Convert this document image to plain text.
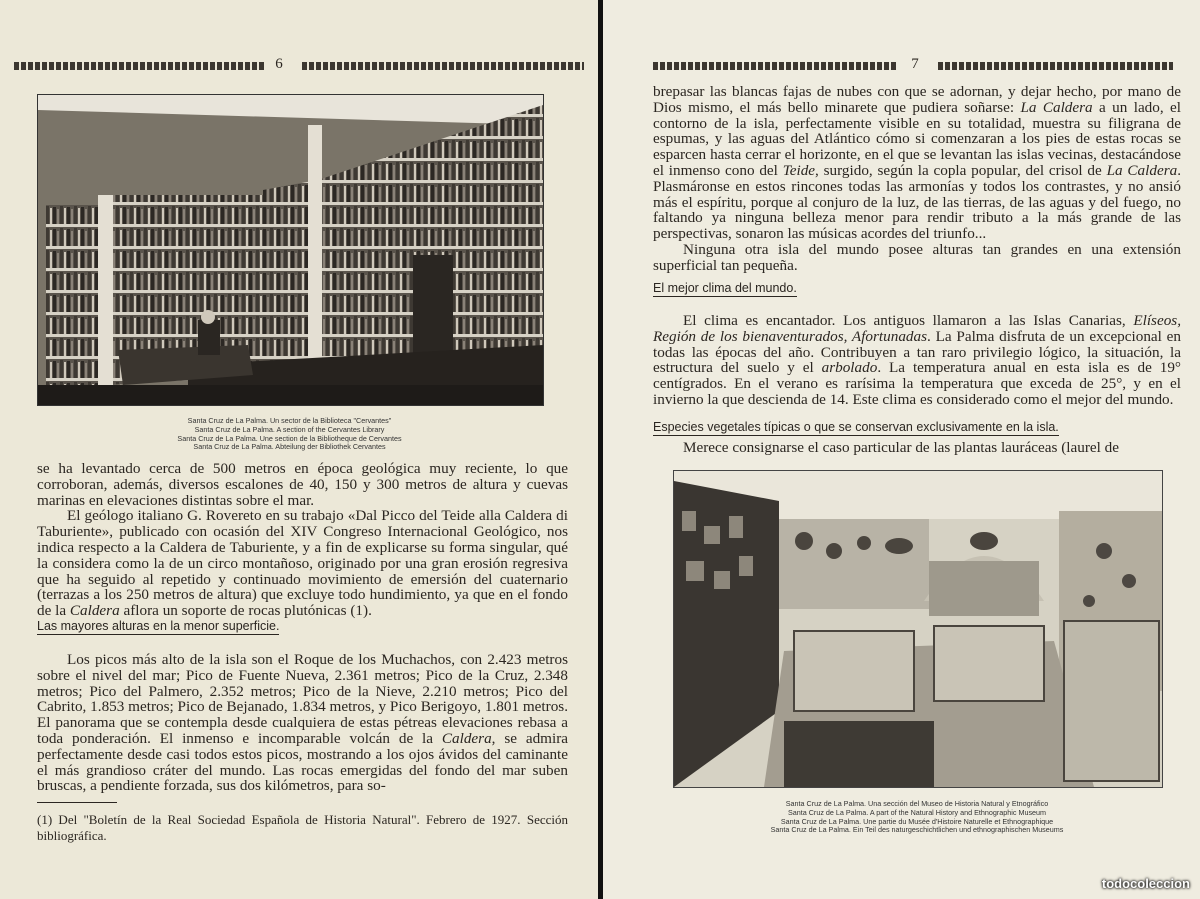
6
Santa Cruz de La Palma. Un sector de la Biblioteca "Cervantes"
Santa Cruz de La Palma. A section of the Cervantes Library
Santa Cruz de La Palma. Une section de la Bibliotheque de Cervantes
Santa Cruz de La Palma. Abteilung der Bibliothek Cervantes

se ha levantado cerca de 500 metros en época geológica muy reciente, lo que corroboran, además, diversos escalones de 40, 150 y 300 metros de altura y cuevas marinas en elevaciones distintas sobre el mar.

El geólogo italiano G. Rovereto en su trabajo «Dal Picco del Teide alla Caldera di Taburiente», publicado con ocasión del XIV Congreso Internacional Geológico, nos indica respecto a la Caldera de Taburiente, y a fin de explicarse su forma singular, qué la considera como la de un circo montañoso, originado por una gran erosión regresiva que ha seguido al repetido y continuado movimiento de emersión del cuaternario (terrazas a los 250 metros de altura) que excluye todo hundimiento, ya que en el fondo de la Caldera aflora un soporte de rocas plutónicas (1).

Las mayores alturas en la menor superficie.

Los picos más alto de la isla son el Roque de los Muchachos, con 2.423 metros sobre el nivel del mar; Pico de Fuente Nueva, 2.361 metros; Pico de la Cruz, 2.348 metros; Pico del Palmero, 2.352 metros; Pico de la Nieve, 2.210 metros; Pico del Cabrito, 1.853 metros; Pico de Bejanado, 1.834 metros, y Pico Berigoyo, 1.801 metros. El panorama que se contempla desde cualquiera de estas pétreas elevaciones rebasa a toda ponderación. El inmenso e incomparable volcán de la Caldera, se admira perfectamente desde casi todos estos picos, mostrando a los ojos ávidos del caminante el más grandioso cráter del mundo. Las rocas emergidas del fondo del mar suben bruscas, a pendiente forzada, sus dos kilómetros, para so-

(1) Del "Boletín de la Real Sociedad Española de Historia Natural". Febrero de 1927. Sección bibliográfica.
7

brepasar las blancas fajas de nubes con que se adornan, y dejar hecho, por mano de Dios mismo, el más bello minarete que pudiera soñarse: La Caldera a un lado, el contorno de la isla, perfectamente visible en su totalidad, muestra su filigrana de espumas, y las aguas del Atlántico cómo si comenzaran a los pies de estas rocas se esparcen hasta cerrar el horizonte, en el que se levantan las islas vecinas, destacándose el inmenso cono del Teide, surgido, según la copla popular, del crisol de La Caldera. Plasmáronse en estos rincones todas las armonías y todos los contrastes, y no ansió más el espíritu, porque al conjuro de la luz, de las tierras, de las aguas y del fuego, no faltando ya ninguna belleza menor para rendir tributo a la más grande de las perspectivas, sonaron las músicas acordes del triunfo...

Ninguna otra isla del mundo posee alturas tan grandes en una extensión superficial tan pequeña.

El mejor clima del mundo.

El clima es encantador. Los antiguos llamaron a las Islas Canarias, Elíseos, Región de los bienaventurados, Afortunadas. La Palma disfruta de un excepcional en todas las épocas del año. Contribuyen a tan raro privilegio lógico, la situación, la estructura del suelo y el arbolado. La temperatura anual en esta isla es de 19° centígrados. En el verano es rarísima la temperatura que exceda de 25°, y en el invierno la que descienda de 14. Este clima es considerado como el mejor del mundo.

Especies vegetales típicas o que se conservan exclusivamente en la isla.

Merece consignarse el caso particular de las plantas lauráceas (laurel de

Santa Cruz de La Palma. Una sección del Museo de Historia Natural y Etnográfico
Santa Cruz de La Palma. A part of the Natural History and Ethnographic Museum
Santa Cruz de La Palma. Une partie du Musée d'Histoire Naturelle et Ethnographique
Santa Cruz de La Palma. Ein Teil des naturgeschichtlichen und ethnographischen Museums
todocoleccion
